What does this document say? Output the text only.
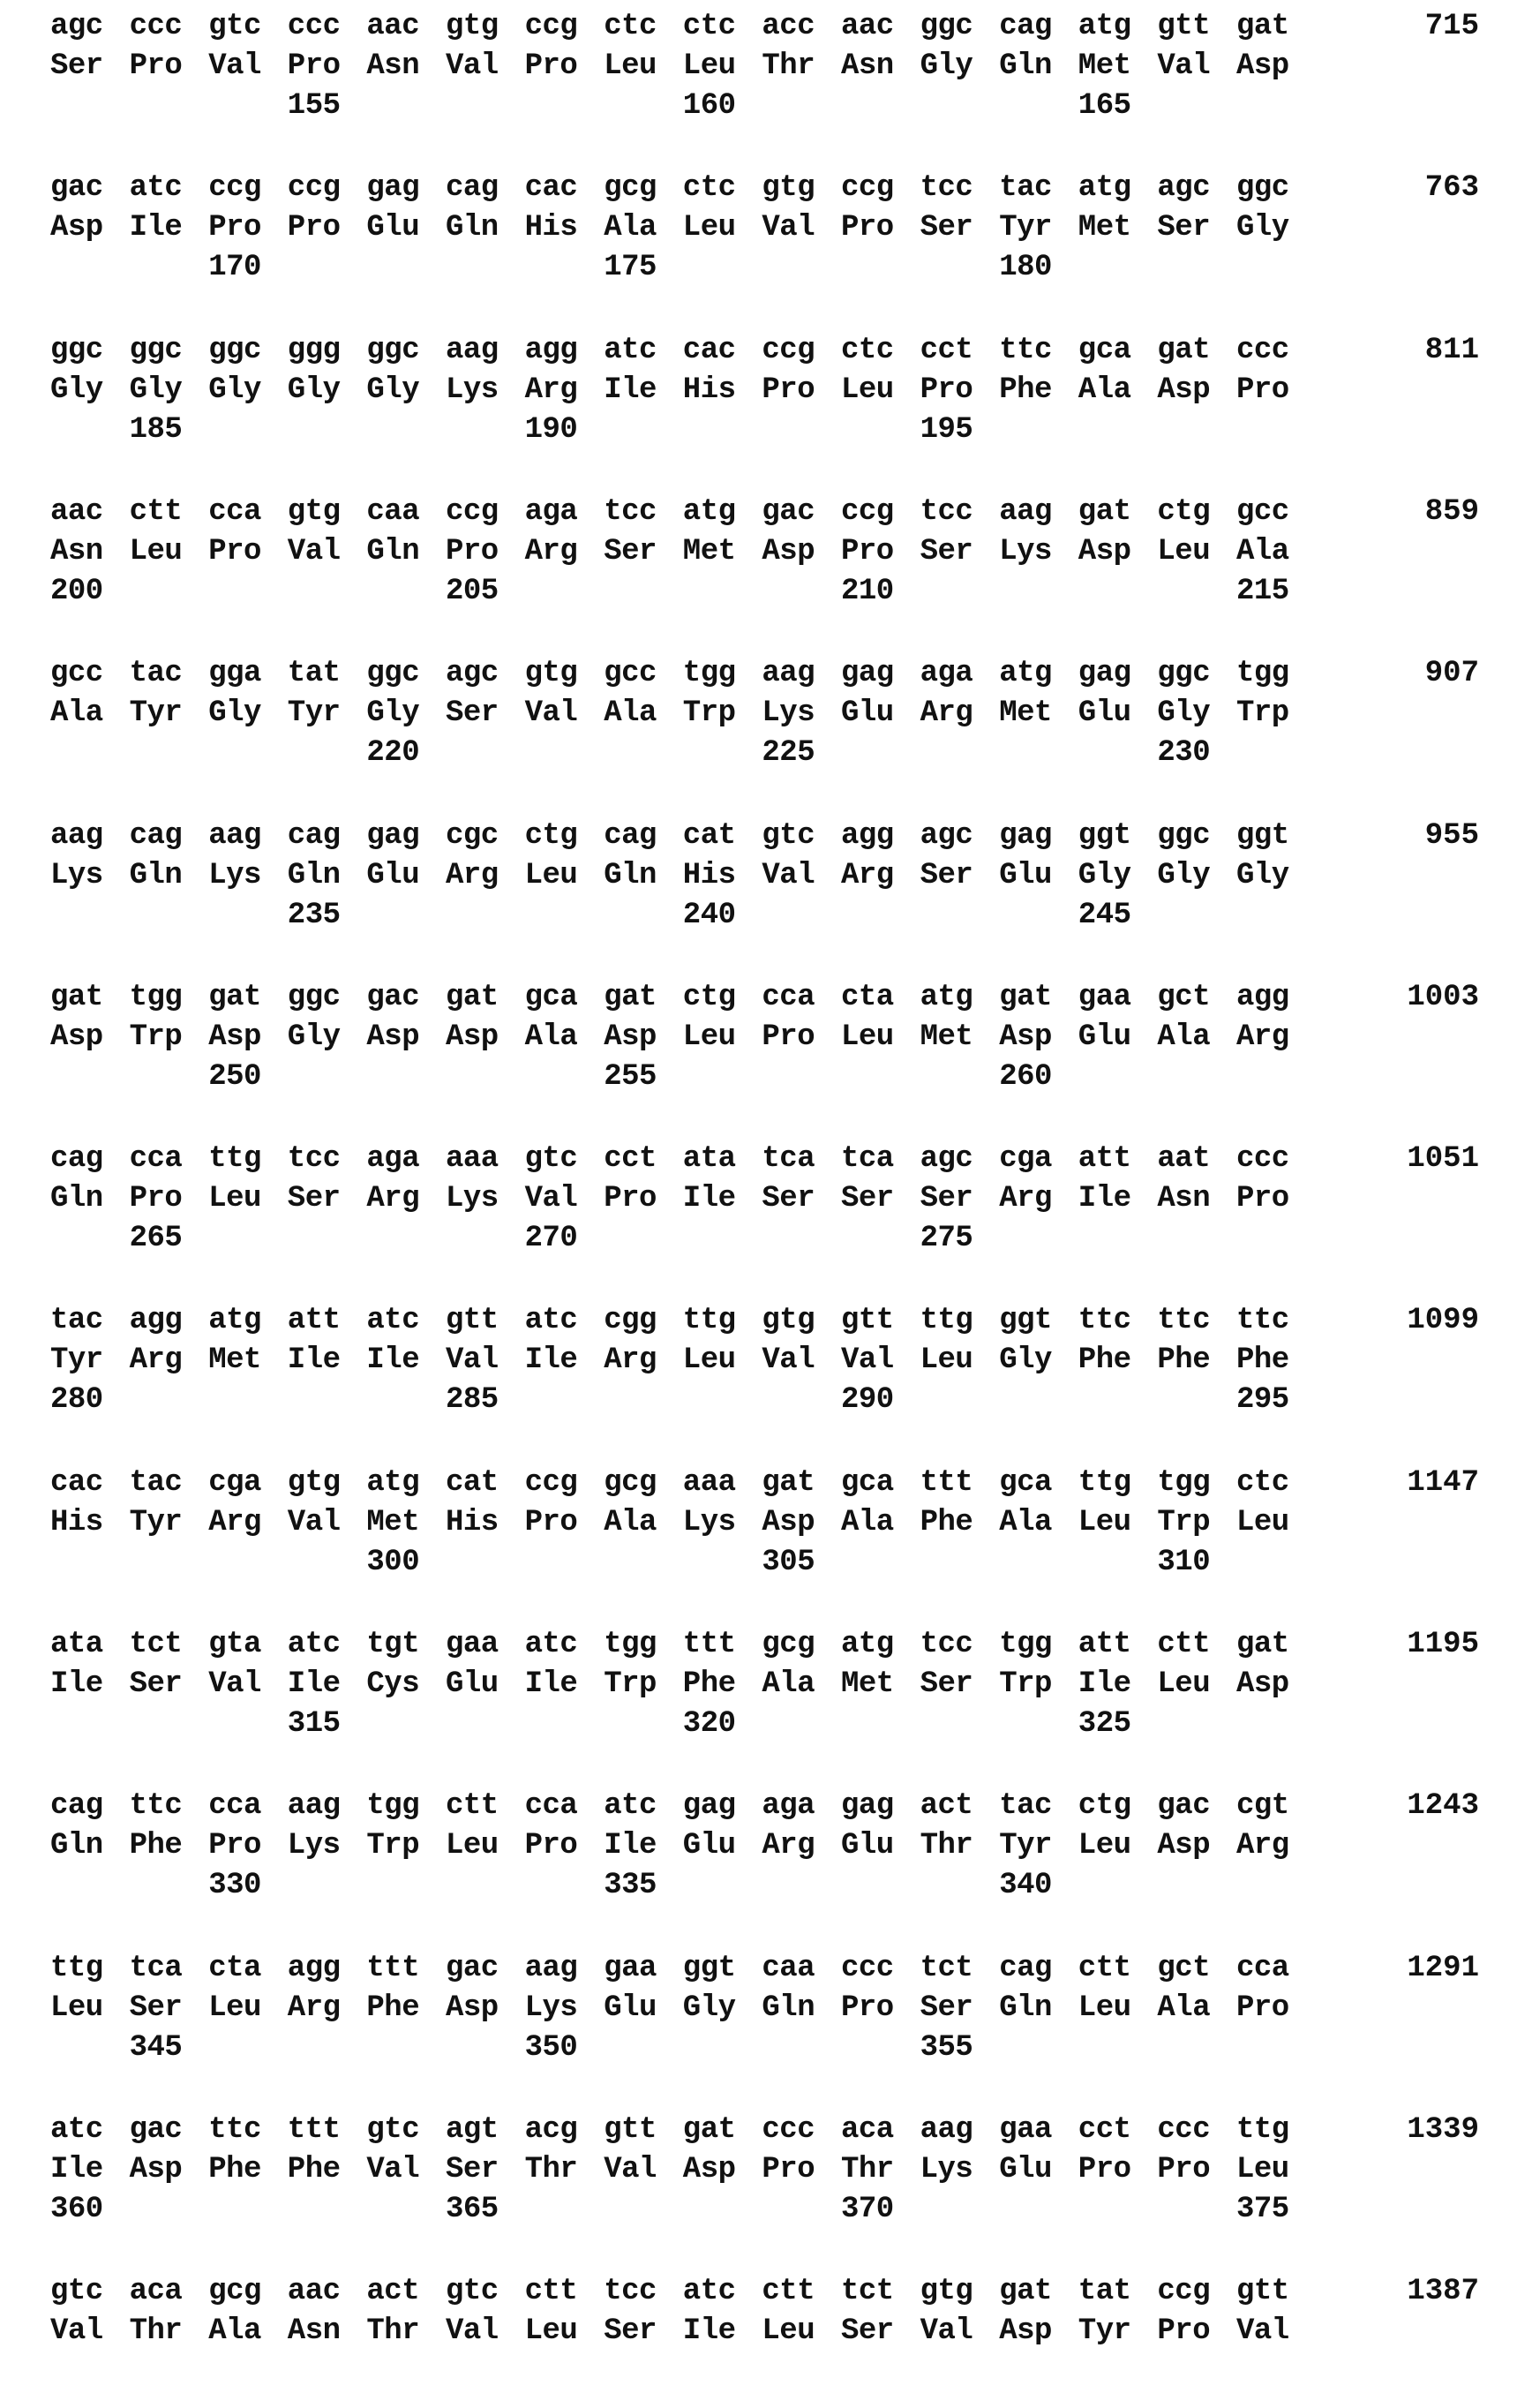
agc ccc gtc ccc aac gtg ccg ctc ctc acc aac ggc cag atg gtt gat
Ser Pro Val Pro Asn Val Pro Leu Leu Thr Asn Gly Gln Met Val Asp
155	160	165
715
gac atc ccg ccg gag cag cac gcg ctc gtg ccg tcc tac atg agc ggc
Asp Ile Pro Pro Glu Gln His Ala Leu Val Pro Ser Tyr Met Ser Gly
170	175	180
763
ggc ggc ggc ggg ggc aag agg atc cac ccg ctc cct ttc gca gat ccc
Gly Gly Gly Gly Gly Lys Arg Ile His Pro Leu Pro Phe Ala Asp Pro
185	190	195
811
aac ctt cca gtg caa ccg aga tcc atg gac ccg tcc aag gat ctg gcc
Asn Leu Pro Val Gln Pro Arg Ser Met Asp Pro Ser Lys Asp Leu Ala
200	205	210	215
859
gcc tac gga tat ggc agc gtg gcc tgg aag gag aga atg gag ggc tgg
Ala Tyr Gly Tyr Gly Ser Val Ala Trp Lys Glu Arg Met Glu Gly Trp
220	225	230
907
aag cag aag cag gag cgc ctg cag cat gtc agg agc gag ggt ggc ggt
Lys Gln Lys Gln Glu Arg Leu Gln His Val Arg Ser Glu Gly Gly Gly
235	240	245
955
gat tgg gat ggc gac gat gca gat ctg cca cta atg gat gaa gct agg
Asp Trp Asp Gly Asp Asp Ala Asp Leu Pro Leu Met Asp Glu Ala Arg
250	255	260
1003
cag cca ttg tcc aga aaa gtc cct ata tca tca agc cga att aat ccc
Gln Pro Leu Ser Arg Lys Val Pro Ile Ser Ser Ser Arg Ile Asn Pro
265	270	275
1051
tac agg atg att atc gtt atc cgg ttg gtg gtt ttg ggt ttc ttc ttc
Tyr Arg Met Ile Ile Val Ile Arg Leu Val Val Leu Gly Phe Phe Phe
280	285	290	295
1099
cac tac cga gtg atg cat ccg gcg aaa gat gca ttt gca ttg tgg ctc
His Tyr Arg Val Met His Pro Ala Lys Asp Ala Phe Ala Leu Trp Leu
300	305	310
1147
ata tct gta atc tgt gaa atc tgg ttt gcg atg tcc tgg att ctt gat
Ile Ser Val Ile Cys Glu Ile Trp Phe Ala Met Ser Trp Ile Leu Asp
315	320	325
1195
cag ttc cca aag tgg ctt cca atc gag aga gag act tac ctg gac cgt
Gln Phe Pro Lys Trp Leu Pro Ile Glu Arg Glu Thr Tyr Leu Asp Arg
330	335	340
1243
ttg tca cta agg ttt gac aag gaa ggt caa ccc tct cag ctt gct cca
Leu Ser Leu Arg Phe Asp Lys Glu Gly Gln Pro Ser Gln Leu Ala Pro
345	350	355
1291
atc gac ttc ttt gtc agt acg gtt gat ccc aca aag gaa cct ccc ttg
Ile Asp Phe Phe Val Ser Thr Val Asp Pro Thr Lys Glu Pro Pro Leu
360	365	370	375
1339
gtc aca gcg aac act gtc ctt tcc atc ctt tct gtg gat tat ccg gtt
Val Thr Ala Asn Thr Val Leu Ser Ile Leu Ser Val Asp Tyr Pro Val
1387
